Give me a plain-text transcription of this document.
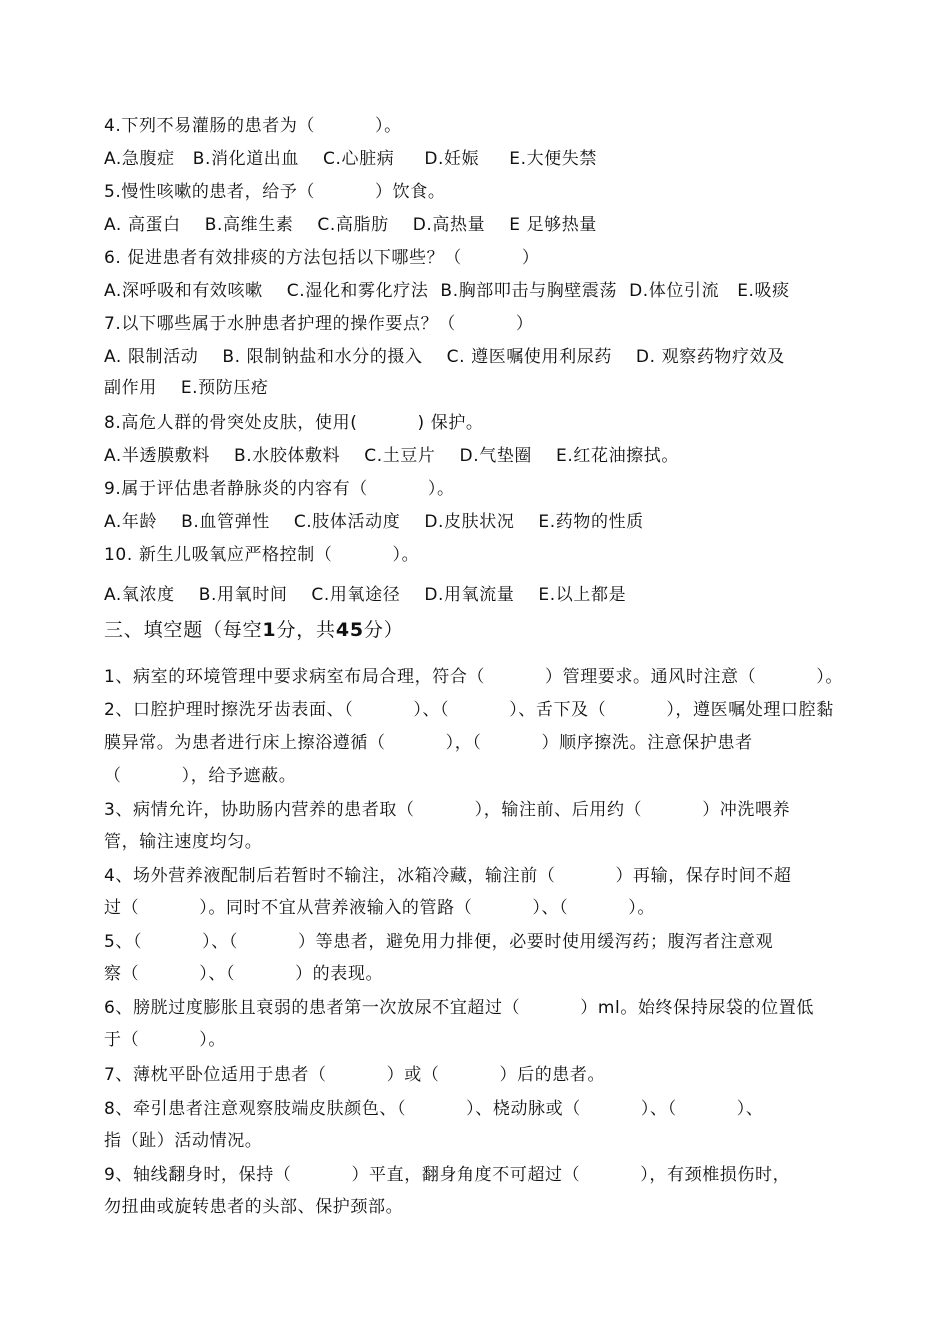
4.下列不易灌肠的患者为（          ）。
A.急腹症   B.消化道出血    C.心脏病     D.妊娠     E.大便失禁
5.慢性咳嗽的患者，给予（          ）饮食。
A. 高蛋白    B.高维生素    C.高脂肪    D.高热量    E 足够热量
6. 促进患者有效排痰的方法包括以下哪些？（          ）
A.深呼吸和有效咳嗽    C.湿化和雾化疗法  B.胸部叩击与胸壁震荡  D.体位引流   E.吸痰
7.以下哪些属于水肿患者护理的操作要点？（          ）
A. 限制活动    B. 限制钠盐和水分的摄入    C. 遵医嘱使用利尿药    D. 观察药物疗效及
副作用    E.预防压疮
8.高危人群的骨突处皮肤，使用(          ) 保护。
A.半透膜敷料    B.水胶体敷料    C.土豆片    D.气垫圈    E.红花油擦拭。
9.属于评估患者静脉炎的内容有（          ）。
A.年龄    B.血管弹性    C.肢体活动度    D.皮肤状况    E.药物的性质
10. 新生儿吸氧应严格控制（          ）。
A.氧浓度    B.用氧时间    C.用氧途径    D.用氧流量    E.以上都是
三、填空题（每空1分，共45分）
1、病室的环境管理中要求病室布局合理，符合（          ）管理要求。通风时注意（          ）。
2、口腔护理时擦洗牙齿表面、（          ）、（          ）、舌下及（          ），遵医嘱处理口腔黏
膜异常。为患者进行床上擦浴遵循（          ），（          ）顺序擦洗。注意保护患者
（          ），给予遮蔽。
3、病情允许，协助肠内营养的患者取（          ），输注前、后用约（          ）冲洗喂养
管，输注速度均匀。
4、场外营养液配制后若暂时不输注，冰箱冷藏，输注前（          ）再输，保存时间不超
过（          ）。同时不宜从营养液输入的管路（          ）、（          ）。
5、（          ）、（          ）等患者，避免用力排便，必要时使用缓泻药；腹泻者注意观
察（          ）、（          ）的表现。
6、膀胱过度膨胀且衰弱的患者第一次放尿不宜超过（          ）ml。始终保持尿袋的位置低
于（          ）。
7、薄枕平卧位适用于患者（          ）或（          ）后的患者。
8、牵引患者注意观察肢端皮肤颜色、（          ）、桡动脉或（          ）、（          ）、
指（趾）活动情况。
9、轴线翻身时，保持（          ）平直，翻身角度不可超过（          ），有颈椎损伤时，
勿扭曲或旋转患者的头部、保护颈部。
